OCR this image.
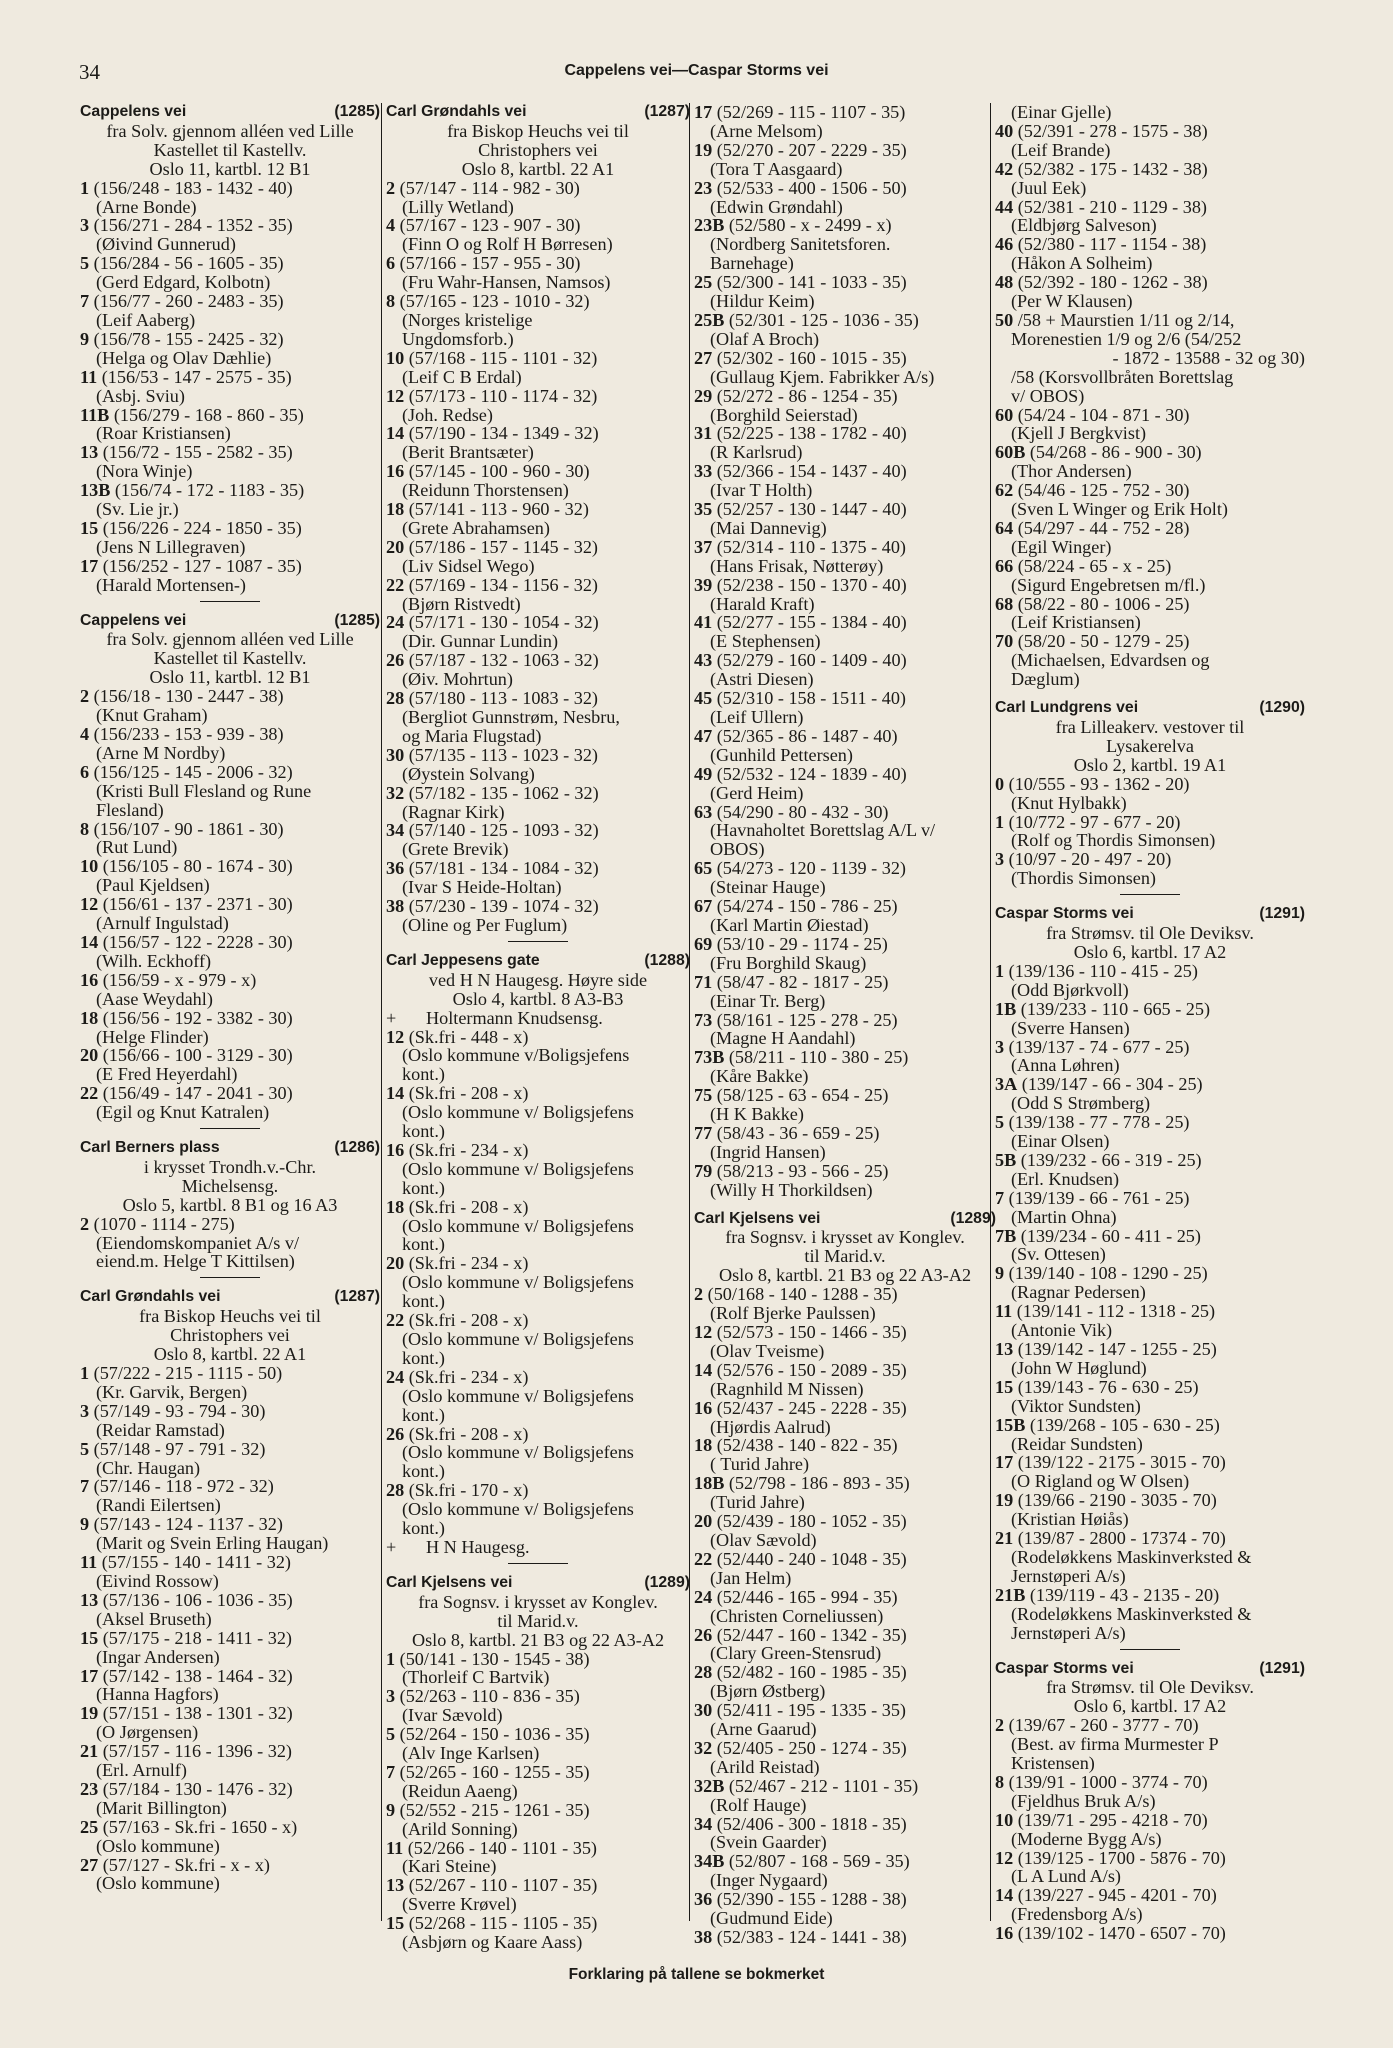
34	Cappelens vei—Caspar Storms vei
Cappelens vei	(1285)
fra Solv. gjennom alléen ved Lille
Kastellet til Kastellv.
Oslo 11, kartbl. 12 B1
1 (156/248 - 183 - 1432 - 40)
(Arne Bonde)
3 (156/271 - 284 - 1352 - 35)
(Øivind Gunnerud)
5 (156/284 - 56 - 1605 - 35)
(Gerd Edgard, Kolbotn)
7 (156/77 - 260 - 2483 - 35)
(Leif Aaberg)
9 (156/78 - 155 - 2425 - 32)
(Helga og Olav Dæhlie)
11 (156/53 - 147 - 2575 - 35)
(Asbj. Sviu)
11B (156/279 - 168 - 860 - 35)
(Roar Kristiansen)
13 (156/72 - 155 - 2582 - 35)
(Nora Winje)
13B (156/74 - 172 - 1183 - 35)
(Sv. Lie jr.)
15 (156/226 - 224 - 1850 - 35)
(Jens N Lillegraven)
17 (156/252 - 127 - 1087 - 35)
(Harald Mortensen-)
Cappelens vei	(1285)
fra Solv. gjennom alléen ved Lille
Kastellet til Kastellv.
Oslo 11, kartbl. 12 B1
2 (156/18 - 130 - 2447 - 38)
(Knut Graham)
4 (156/233 - 153 - 939 - 38)
(Arne M Nordby)
6 (156/125 - 145 - 2006 - 32)
(Kristi Bull Flesland og Rune
Flesland)
8 (156/107 - 90 - 1861 - 30)
(Rut Lund)
10 (156/105 - 80 - 1674 - 30)
(Paul Kjeldsen)
12 (156/61 - 137 - 2371 - 30)
(Arnulf Ingulstad)
14 (156/57 - 122 - 2228 - 30)
(Wilh. Eckhoff)
16 (156/59 - x - 979 - x)
(Aase Weydahl)
18 (156/56 - 192 - 3382 - 30)
(Helge Flinder)
20 (156/66 - 100 - 3129 - 30)
(E Fred Heyerdahl)
22 (156/49 - 147 - 2041 - 30)
(Egil og Knut Katralen)
Carl Berners plass	(1286)
i krysset Trondh.v.-Chr.
Michelsensg.
Oslo 5, kartbl. 8 B1 og 16 A3
2 (1070 - 1114 - 275)
(Eiendomskompaniet A/s v/
eiend.m. Helge T Kittilsen)
Carl Grøndahls vei	(1287)
fra Biskop Heuchs vei til
Christophers vei
Oslo 8, kartbl. 22 A1
1 (57/222 - 215 - 1115 - 50)
(Kr. Garvik, Bergen)
3 (57/149 - 93 - 794 - 30)
(Reidar Ramstad)
5 (57/148 - 97 - 791 - 32)
(Chr. Haugan)
7 (57/146 - 118 - 972 - 32)
(Randi Eilertsen)
9 (57/143 - 124 - 1137 - 32)
(Marit og Svein Erling Haugan)
11 (57/155 - 140 - 1411 - 32)
(Eivind Rossow)
13 (57/136 - 106 - 1036 - 35)
(Aksel Bruseth)
15 (57/175 - 218 - 1411 - 32)
(Ingar Andersen)
17 (57/142 - 138 - 1464 - 32)
(Hanna Hagfors)
19 (57/151 - 138 - 1301 - 32)
(O Jørgensen)
21 (57/157 - 116 - 1396 - 32)
(Erl. Arnulf)
23 (57/184 - 130 - 1476 - 32)
(Marit Billington)
25 (57/163 - Sk.fri - 1650 - x)
(Oslo kommune)
27 (57/127 - Sk.fri - x - x)
(Oslo kommune)
Carl Grøndahls vei	(1287)
fra Biskop Heuchs vei til
Christophers vei
Oslo 8, kartbl. 22 A1
2 (57/147 - 114 - 982 - 30)
(Lilly Wetland)
4 (57/167 - 123 - 907 - 30)
(Finn O og Rolf H Børresen)
6 (57/166 - 157 - 955 - 30)
(Fru Wahr-Hansen, Namsos)
8 (57/165 - 123 - 1010 - 32)
(Norges kristelige
Ungdomsforb.)
10 (57/168 - 115 - 1101 - 32)
(Leif C B Erdal)
12 (57/173 - 110 - 1174 - 32)
(Joh. Redse)
14 (57/190 - 134 - 1349 - 32)
(Berit Brantsæter)
16 (57/145 - 100 - 960 - 30)
(Reidunn Thorstensen)
18 (57/141 - 113 - 960 - 32)
(Grete Abrahamsen)
20 (57/186 - 157 - 1145 - 32)
(Liv Sidsel Wego)
22 (57/169 - 134 - 1156 - 32)
(Bjørn Ristvedt)
24 (57/171 - 130 - 1054 - 32)
(Dir. Gunnar Lundin)
26 (57/187 - 132 - 1063 - 32)
(Øiv. Mohrtun)
28 (57/180 - 113 - 1083 - 32)
(Bergliot Gunnstrøm, Nesbru,
og Maria Flugstad)
30 (57/135 - 113 - 1023 - 32)
(Øystein Solvang)
32 (57/182 - 135 - 1062 - 32)
(Ragnar Kirk)
34 (57/140 - 125 - 1093 - 32)
(Grete Brevik)
36 (57/181 - 134 - 1084 - 32)
(Ivar S Heide-Holtan)
38 (57/230 - 139 - 1074 - 32)
(Oline og Per Fuglum)
Carl Jeppesens gate	(1288)
ved H N Haugesg. Høyre side
Oslo 4, kartbl. 8 A3-B3
+ Holtermann Knudsensg.
12 (Sk.fri - 448 - x)
(Oslo kommune v/Boligsjefens
kont.)
14 (Sk.fri - 208 - x)
(Oslo kommune v/ Boligsjefens
kont.)
16 (Sk.fri - 234 - x)
(Oslo kommune v/ Boligsjefens
kont.)
18 (Sk.fri - 208 - x)
(Oslo kommune v/ Boligsjefens
kont.)
20 (Sk.fri - 234 - x)
(Oslo kommune v/ Boligsjefens
kont.)
22 (Sk.fri - 208 - x)
(Oslo kommune v/ Boligsjefens
kont.)
24 (Sk.fri - 234 - x)
(Oslo kommune v/ Boligsjefens
kont.)
26 (Sk.fri - 208 - x)
(Oslo kommune v/ Boligsjefens
kont.)
28 (Sk.fri - 170 - x)
(Oslo kommune v/ Boligsjefens
kont.)
+ H N Haugesg.
Carl Kjelsens vei	(1289)
fra Sognsv. i krysset av Konglev.
til Marid.v.
Oslo 8, kartbl. 21 B3 og 22 A3-A2
1 (50/141 - 130 - 1545 - 38)
(Thorleif C Bartvik)
3 (52/263 - 110 - 836 - 35)
(Ivar Sævold)
5 (52/264 - 150 - 1036 - 35)
(Alv Inge Karlsen)
7 (52/265 - 160 - 1255 - 35)
(Reidun Aaeng)
9 (52/552 - 215 - 1261 - 35)
(Arild Sonning)
11 (52/266 - 140 - 1101 - 35)
(Kari Steine)
13 (52/267 - 110 - 1107 - 35)
(Sverre Krøvel)
15 (52/268 - 115 - 1105 - 35)
(Asbjørn og Kaare Aass)
17 (52/269 - 115 - 1107 - 35)
(Arne Melsom)
19 (52/270 - 207 - 2229 - 35)
(Tora T Aasgaard)
23 (52/533 - 400 - 1506 - 50)
(Edwin Grøndahl)
23B (52/580 - x - 2499 - x)
(Nordberg Sanitetsforen.
Barnehage)
25 (52/300 - 141 - 1033 - 35)
(Hildur Keim)
25B (52/301 - 125 - 1036 - 35)
(Olaf A Broch)
27 (52/302 - 160 - 1015 - 35)
(Gullaug Kjem. Fabrikker A/s)
29 (52/272 - 86 - 1254 - 35)
(Borghild Seierstad)
31 (52/225 - 138 - 1782 - 40)
(R Karlsrud)
33 (52/366 - 154 - 1437 - 40)
(Ivar T Holth)
35 (52/257 - 130 - 1447 - 40)
(Mai Dannevig)
37 (52/314 - 110 - 1375 - 40)
(Hans Frisak, Nøtterøy)
39 (52/238 - 150 - 1370 - 40)
(Harald Kraft)
41 (52/277 - 155 - 1384 - 40)
(E Stephensen)
43 (52/279 - 160 - 1409 - 40)
(Astri Diesen)
45 (52/310 - 158 - 1511 - 40)
(Leif Ullern)
47 (52/365 - 86 - 1487 - 40)
(Gunhild Pettersen)
49 (52/532 - 124 - 1839 - 40)
(Gerd Heim)
63 (54/290 - 80 - 432 - 30)
(Havnaholtet Borettslag A/L v/
OBOS)
65 (54/273 - 120 - 1139 - 32)
(Steinar Hauge)
67 (54/274 - 150 - 786 - 25)
(Karl Martin Øiestad)
69 (53/10 - 29 - 1174 - 25)
(Fru Borghild Skaug)
71 (58/47 - 82 - 1817 - 25)
(Einar Tr. Berg)
73 (58/161 - 125 - 278 - 25)
(Magne H Aandahl)
73B (58/211 - 110 - 380 - 25)
(Kåre Bakke)
75 (58/125 - 63 - 654 - 25)
(H K Bakke)
77 (58/43 - 36 - 659 - 25)
(Ingrid Hansen)
79 (58/213 - 93 - 566 - 25)
(Willy H Thorkildsen)
Carl Kjelsens vei	(1289)
fra Sognsv. i krysset av Konglev.
til Marid.v.
Oslo 8, kartbl. 21 B3 og 22 A3-A2
2 (50/168 - 140 - 1288 - 35)
(Rolf Bjerke Paulssen)
12 (52/573 - 150 - 1466 - 35)
(Olav Tveisme)
14 (52/576 - 150 - 2089 - 35)
(Ragnhild M Nissen)
16 (52/437 - 245 - 2228 - 35)
(Hjørdis Aalrud)
18 (52/438 - 140 - 822 - 35)
( Turid Jahre)
18B (52/798 - 186 - 893 - 35)
(Turid Jahre)
20 (52/439 - 180 - 1052 - 35)
(Olav Sævold)
22 (52/440 - 240 - 1048 - 35)
(Jan Helm)
24 (52/446 - 165 - 994 - 35)
(Christen Corneliussen)
26 (52/447 - 160 - 1342 - 35)
(Clary Green-Stensrud)
28 (52/482 - 160 - 1985 - 35)
(Bjørn Østberg)
30 (52/411 - 195 - 1335 - 35)
(Arne Gaarud)
32 (52/405 - 250 - 1274 - 35)
(Arild Reistad)
32B (52/467 - 212 - 1101 - 35)
(Rolf Hauge)
34 (52/406 - 300 - 1818 - 35)
(Svein Gaarder)
34B (52/807 - 168 - 569 - 35)
(Inger Nygaard)
36 (52/390 - 155 - 1288 - 38)
(Gudmund Eide)
38 (52/383 - 124 - 1441 - 38)
(Einar Gjelle)
40 (52/391 - 278 - 1575 - 38)
(Leif Brande)
42 (52/382 - 175 - 1432 - 38)
(Juul Eek)
44 (52/381 - 210 - 1129 - 38)
(Eldbjørg Salveson)
46 (52/380 - 117 - 1154 - 38)
(Håkon A Solheim)
48 (52/392 - 180 - 1262 - 38)
(Per W Klausen)
50 /58 + Maurstien 1/11 og 2/14,
Morenestien 1/9 og 2/6 (54/252
- 1872 - 13588 - 32 og 30)
/58 (Korsvollbråten Borettslag
v/ OBOS)
60 (54/24 - 104 - 871 - 30)
(Kjell J Bergkvist)
60B (54/268 - 86 - 900 - 30)
(Thor Andersen)
62 (54/46 - 125 - 752 - 30)
(Sven L Winger og Erik Holt)
64 (54/297 - 44 - 752 - 28)
(Egil Winger)
66 (58/224 - 65 - x - 25)
(Sigurd Engebretsen m/fl.)
68 (58/22 - 80 - 1006 - 25)
(Leif Kristiansen)
70 (58/20 - 50 - 1279 - 25)
(Michaelsen, Edvardsen og
Dæglum)
Carl Lundgrens vei	(1290)
fra Lilleakerv. vestover til
Lysakerelva
Oslo 2, kartbl. 19 A1
0 (10/555 - 93 - 1362 - 20)
(Knut Hylbakk)
1 (10/772 - 97 - 677 - 20)
(Rolf og Thordis Simonsen)
3 (10/97 - 20 - 497 - 20)
(Thordis Simonsen)
Caspar Storms vei	(1291)
fra Strømsv. til Ole Deviksv.
Oslo 6, kartbl. 17 A2
1 (139/136 - 110 - 415 - 25)
(Odd Bjørkvoll)
1B (139/233 - 110 - 665 - 25)
(Sverre Hansen)
3 (139/137 - 74 - 677 - 25)
(Anna Løhren)
3A (139/147 - 66 - 304 - 25)
(Odd S Strømberg)
5 (139/138 - 77 - 778 - 25)
(Einar Olsen)
5B (139/232 - 66 - 319 - 25)
(Erl. Knudsen)
7 (139/139 - 66 - 761 - 25)
(Martin Ohna)
7B (139/234 - 60 - 411 - 25)
(Sv. Ottesen)
9 (139/140 - 108 - 1290 - 25)
(Ragnar Pedersen)
11 (139/141 - 112 - 1318 - 25)
(Antonie Vik)
13 (139/142 - 147 - 1255 - 25)
(John W Høglund)
15 (139/143 - 76 - 630 - 25)
(Viktor Sundsten)
15B (139/268 - 105 - 630 - 25)
(Reidar Sundsten)
17 (139/122 - 2175 - 3015 - 70)
(O Rigland og W Olsen)
19 (139/66 - 2190 - 3035 - 70)
(Kristian Høiås)
21 (139/87 - 2800 - 17374 - 70)
(Rodeløkkens Maskinverksted &
Jernstøperi A/s)
21B (139/119 - 43 - 2135 - 20)
(Rodeløkkens Maskinverksted &
Jernstøperi A/s)
Caspar Storms vei	(1291)
fra Strømsv. til Ole Deviksv.
Oslo 6, kartbl. 17 A2
2 (139/67 - 260 - 3777 - 70)
(Best. av firma Murmester P
Kristensen)
8 (139/91 - 1000 - 3774 - 70)
(Fjeldhus Bruk A/s)
10 (139/71 - 295 - 4218 - 70)
(Moderne Bygg A/s)
12 (139/125 - 1700 - 5876 - 70)
(L A Lund A/s)
14 (139/227 - 945 - 4201 - 70)
(Fredensborg A/s)
16 (139/102 - 1470 - 6507 - 70)
Forklaring på tallene se bokmerket
